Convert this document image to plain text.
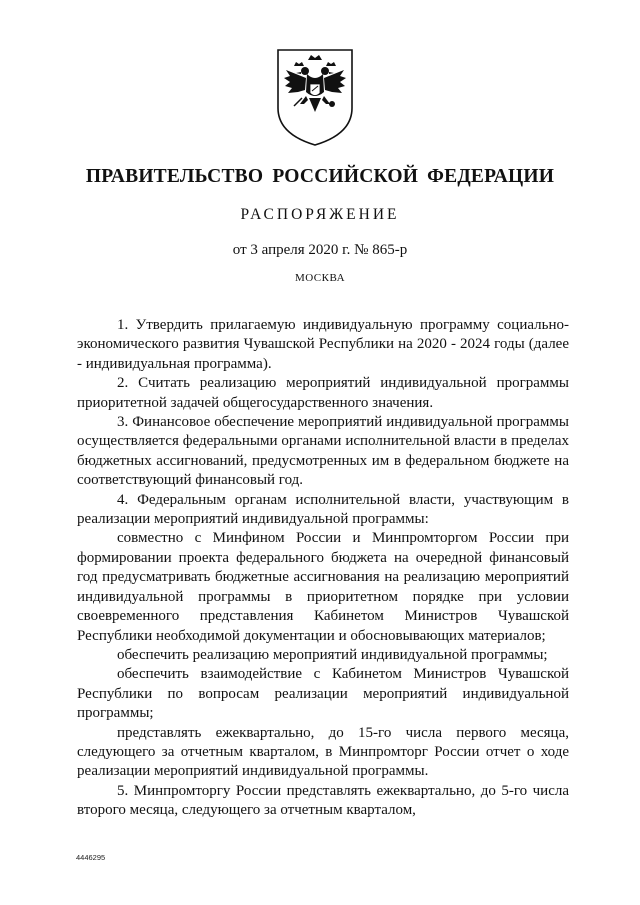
ПРАВИТЕЛЬСТВО РОССИЙСКОЙ ФЕДЕРАЦИИ
РАСПОРЯЖЕНИЕ
от 3 апреля 2020 г. № 865-р
МОСКВА

1. Утвердить прилагаемую индивидуальную программу социально-экономического развития Чувашской Республики на 2020 - 2024 годы (далее - индивидуальная программа).

2. Считать реализацию мероприятий индивидуальной программы приоритетной задачей общегосударственного значения.

3. Финансовое обеспечение мероприятий индивидуальной программы осуществляется федеральными органами исполнительной власти в пределах бюджетных ассигнований, предусмотренных им в федеральном бюджете на соответствующий финансовый год.

4. Федеральным органам исполнительной власти, участвующим в реализации мероприятий индивидуальной программы:

совместно с Минфином России и Минпромторгом России при формировании проекта федерального бюджета на очередной финансовый год предусматривать бюджетные ассигнования на реализацию мероприятий индивидуальной программы в приоритетном порядке при условии своевременного представления Кабинетом Министров Чувашской Республики необходимой документации и обосновывающих материалов;

обеспечить реализацию мероприятий индивидуальной программы;

обеспечить взаимодействие с Кабинетом Министров Чувашской Республики по вопросам реализации мероприятий индивидуальной программы;

представлять ежеквартально, до 15-го числа первого месяца, следующего за отчетным кварталом, в Минпромторг России отчет о ходе реализации мероприятий индивидуальной программы.

5. Минпромторгу России представлять ежеквартально, до 5-го числа второго месяца, следующего за отчетным кварталом,

4446295
